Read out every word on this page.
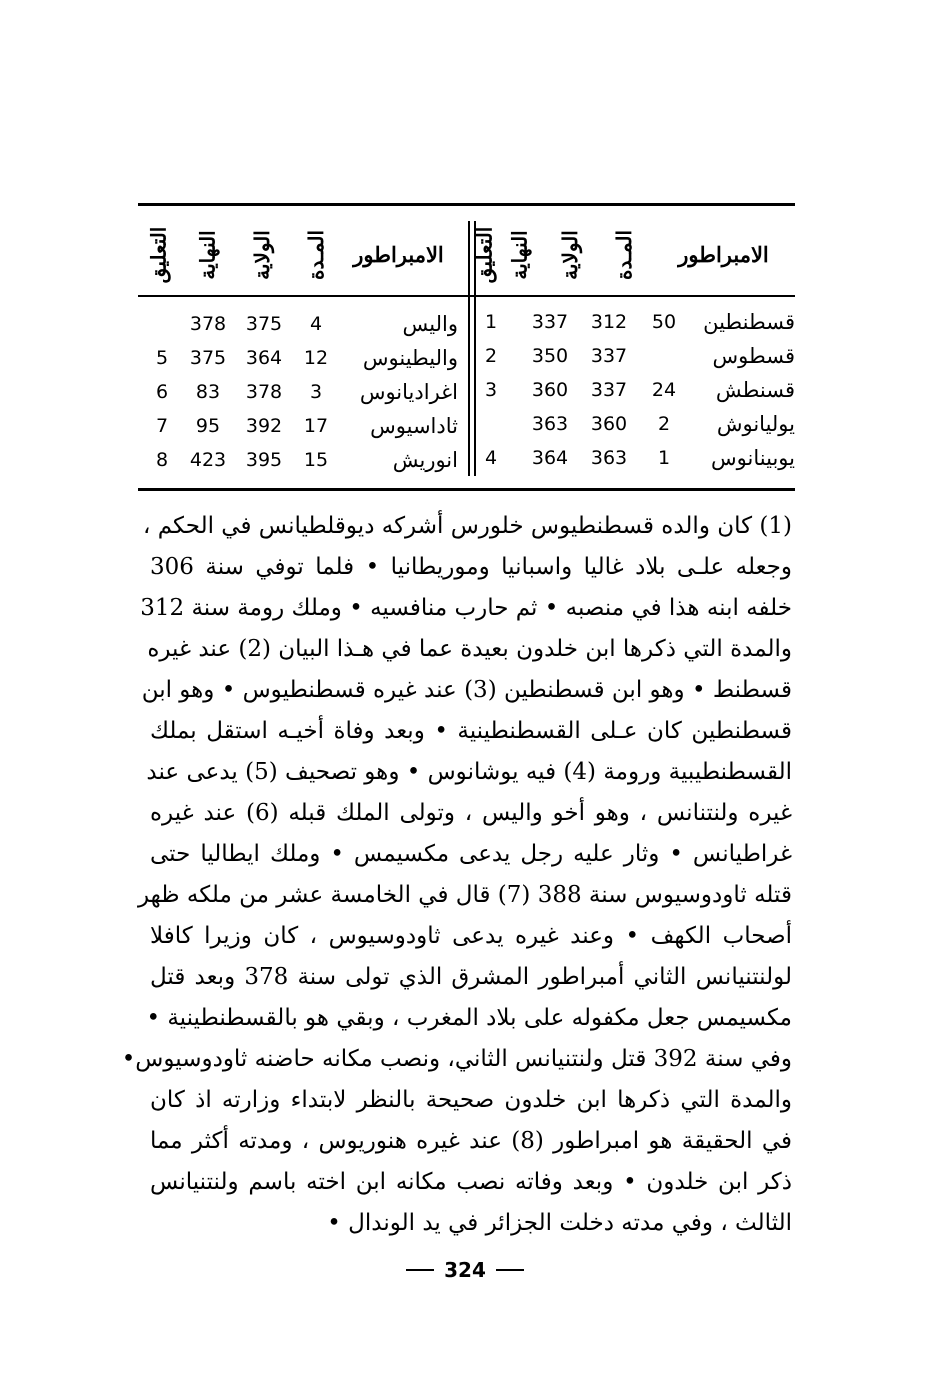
الامبراطور
المـدة
الولاية
النهاية
التعليق
قسطنطين
50
312
337
1
قسطوس
337
350
2
قسنطش
24
337
360
3
يوليانوش
2
360
363
يوبينانوس
1
363
364
4
الامبراطور
المـدة
الولاية
النهاية
التعليق
واليس
4
375
378
واليطينوس
12
364
375
5
اغراديانوس
3
378
83
6
ثاداسيوس
17
392
95
7
انوريش
15
395
423
8
(1) كان والده قسطنطيوس خلورس أشركه ديوقلطيانس في الحكم ،
وجعله علـى بلاد غاليا واسبانيا وموريطانيا • فلما توفي سنة 306
خلفه ابنه هذا في منصبه • ثم حارب منافسيه • وملك رومة سنة 312
والمدة التي ذكرها ابن خلدون بعيدة عما في هـذا البيان (2) عند غيره
قسطنط • وهو ابن قسطنطين (3) عند غيره قسطنطيوس • وهو ابن
قسطنطين كان عـلى القسطنطينية • وبعد وفاة أخيـه استقل بملك
القسطنطيبية ورومة (4) فيه يوشانوس • وهو تصحيف (5) يدعى عند
غيره ولنتنانس ، وهو أخو واليس ، وتولى الملك قبله (6) عند غيره
غراطيانس • وثار عليه رجل يدعى مكسيمس • وملك ايطاليا حتى
قتله ثاودوسيوس سنة 388 (7) قال في الخامسة عشر من ملكه ظهر
أصحاب الكهف • وعند غيره يدعى ثاودوسيوس ، كان وزيرا كافلا
لولنتنيانس الثاني أمبراطور المشرق الذي تولى سنة 378 وبعد قتل
مكسيمس جعل مكفوله على بلاد المغرب ، وبقي هو بالقسطنطينية •
وفي سنة 392 قتل ولنتنيانس الثاني، ونصب مكانه حاضنه ثاودوسيوس•
والمدة التي ذكرها ابن خلدون صحيحة بالنظر لابتداء وزارته اذ كان
في الحقيقة هو امبراطور (8) عند غيره هنوريوس ، ومدته أكثر مما
ذكر ابن خلدون • وبعد وفاته نصب مكانه ابن اخته باسم ولنتنيانس
الثالث ، وفي مدته دخلت الجزائر في يد الوندال •
324
